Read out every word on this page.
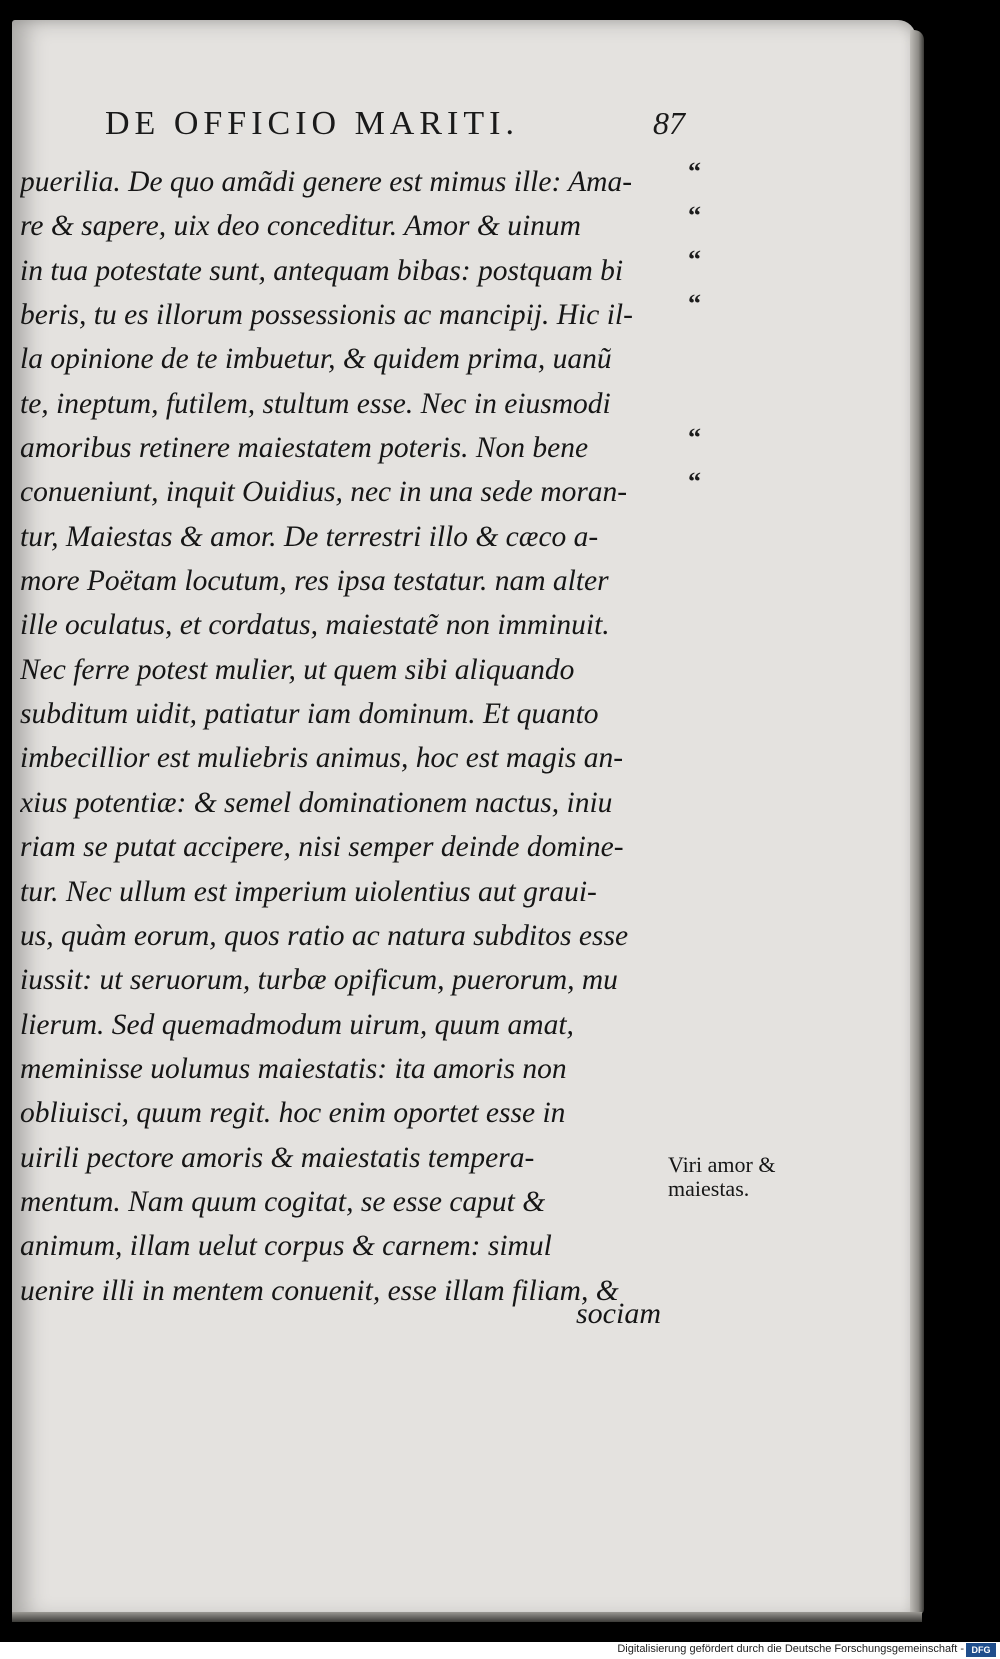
DE OFFICIO MARITI.	87
puerilia. De quo amãdi genere est mimus ille: Ama-
re & sapere, uix deo conceditur. Amor & uinum
in tua potestate sunt, antequam bibas: postquam bi
beris, tu es illorum possessionis ac mancipij. Hic il-
la opinione de te imbuetur, & quidem prima, uanũ
te, ineptum, futilem, stultum esse. Nec in eiusmodi
amoribus retinere maiestatem poteris. Non bene
conueniunt, inquit Ouidius, nec in una sede moran-
tur, Maiestas & amor. De terrestri illo & cæco a-
more Poëtam locutum, res ipsa testatur. nam alter
ille oculatus, et cordatus, maiestatẽ non imminuit.
Nec ferre potest mulier, ut quem sibi aliquando
subditum uidit, patiatur iam dominum. Et quanto
imbecillior est muliebris animus, hoc est magis an-
xius potentiæ: & semel dominationem nactus, iniu
riam se putat accipere, nisi semper deinde domine-
tur. Nec ullum est imperium uiolentius aut graui-
us, quàm eorum, quos ratio ac natura subditos esse
iussit: ut seruorum, turbæ opificum, puerorum, mu
lierum. Sed quemadmodum uirum, quum amat,
meminisse uolumus maiestatis: ita amoris non
obliuisci, quum regit. hoc enim oportet esse in
uirili pectore amoris & maiestatis tempera-
mentum. Nam quum cogitat, se esse caput &
animum, illam uelut corpus & carnem: simul
uenire illi in mentem conuenit, esse illam filiam, &
sociam
“
“
“
“
“
“
Viri amor &
maiestas.
Digitalisierung gefördert durch die Deutsche Forschungsgemeinschaft - DFG
